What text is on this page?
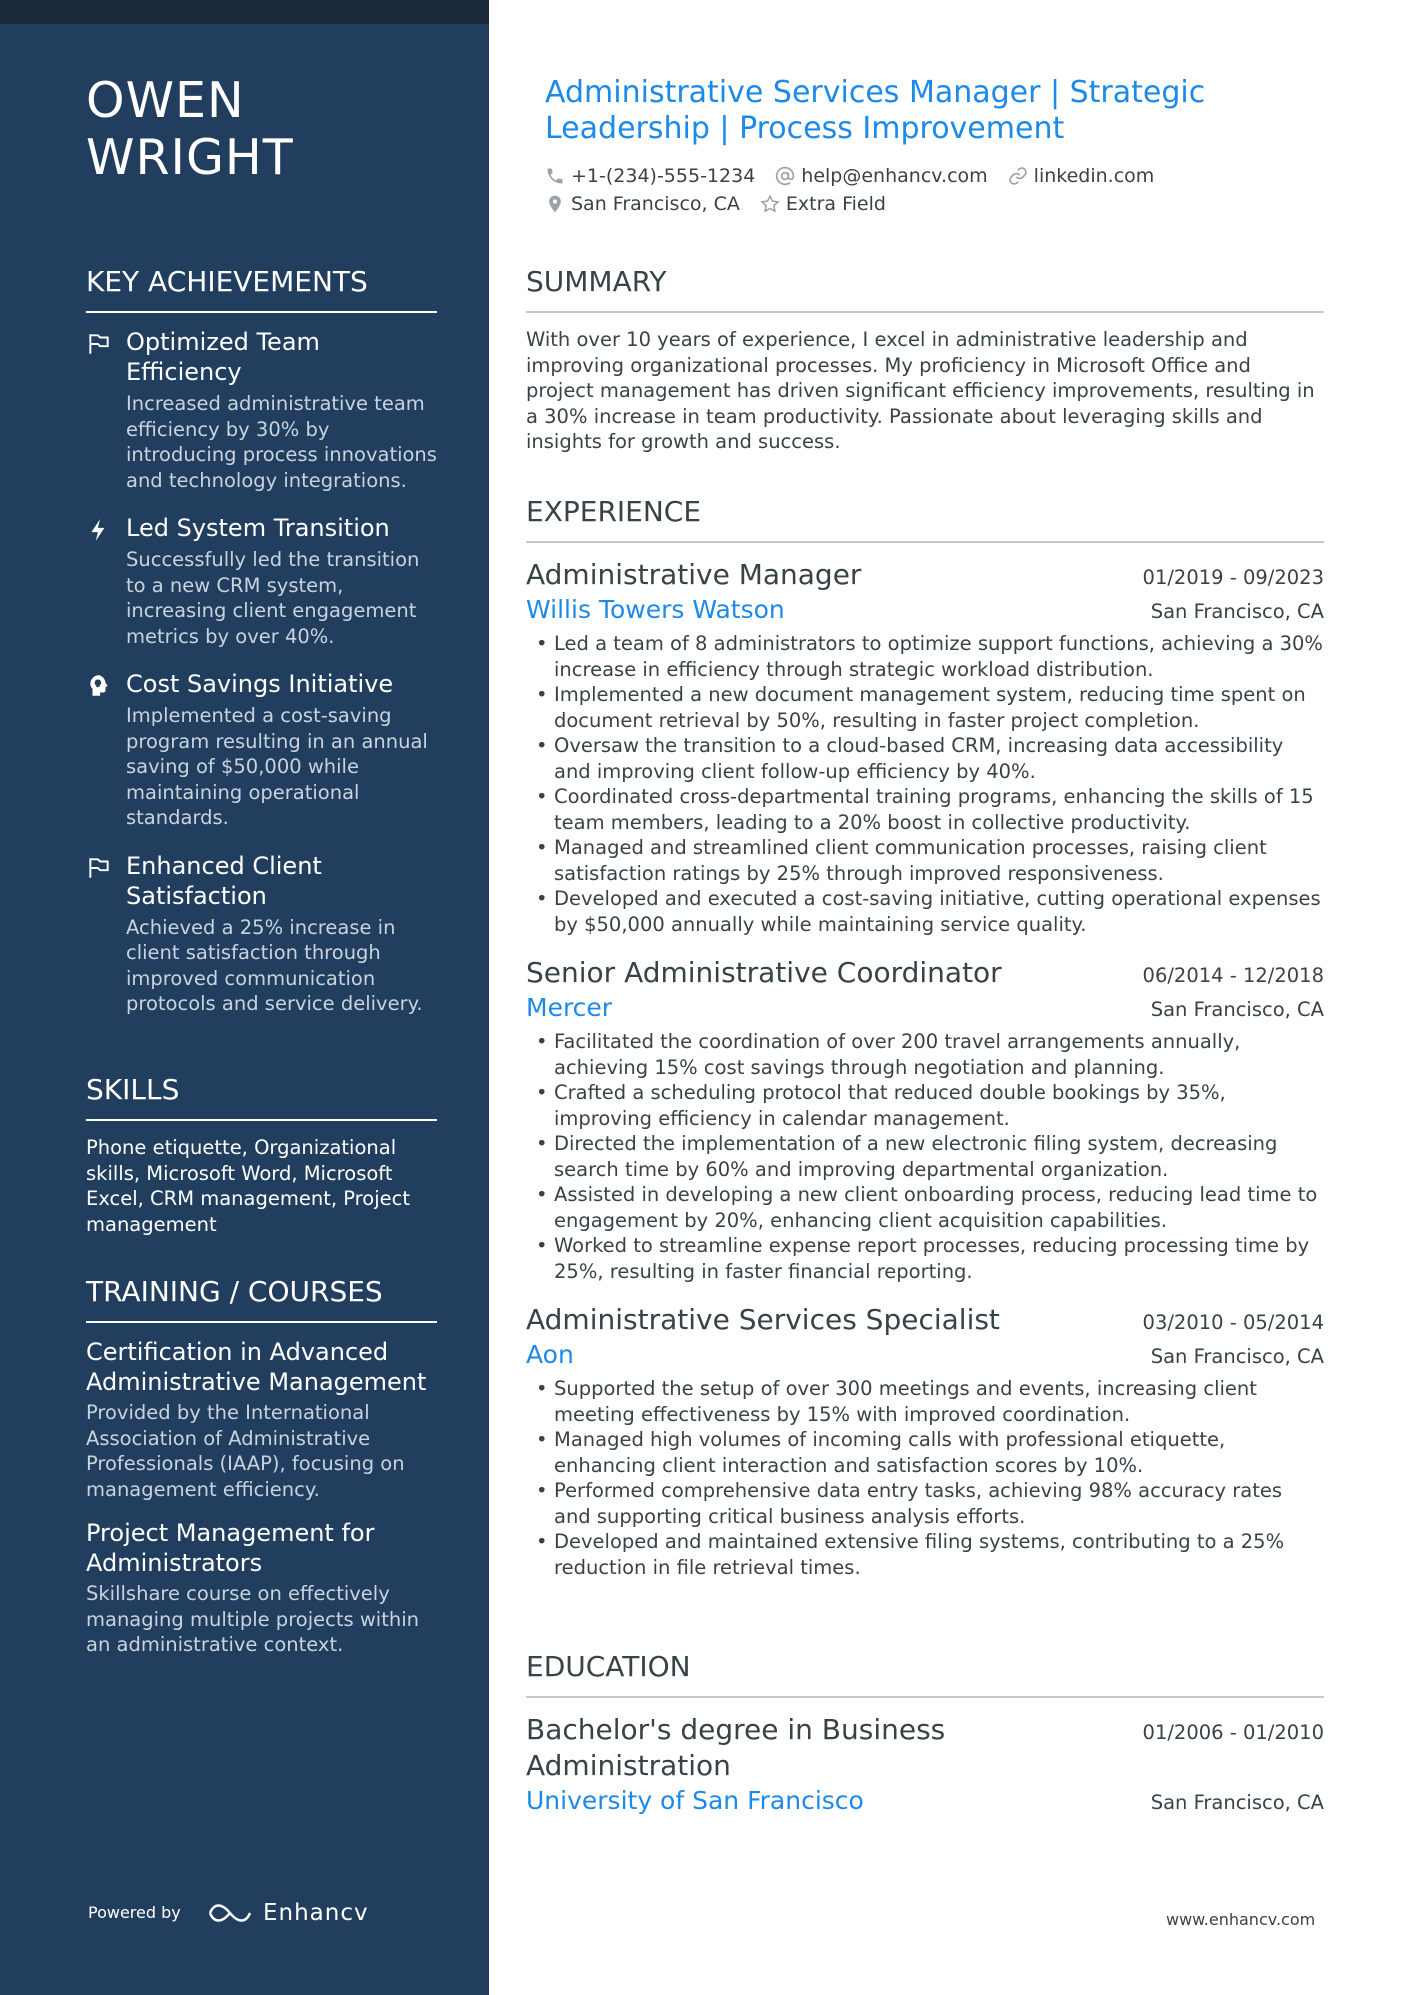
OWEN
WRIGHT
KEY ACHIEVEMENTS
Optimized Team Efficiency
Increased administrative team efficiency by 30% by introducing process innovations and technology integrations.
Led System Transition
Successfully led the transition to a new CRM system, increasing client engagement metrics by over 40%.
Cost Savings Initiative
Implemented a cost-saving program resulting in an annual saving of $50,000 while maintaining operational standards.
Enhanced Client Satisfaction
Achieved a 25% increase in client satisfaction through improved communication protocols and service delivery.
SKILLS
Phone etiquette, Organizational skills, Microsoft Word, Microsoft Excel, CRM management, Project management
TRAINING / COURSES
Certification in Advanced Administrative Management
Provided by the International Association of Administrative Professionals (IAAP), focusing on management efficiency.
Project Management for Administrators
Skillshare course on effectively managing multiple projects within an administrative context.
Powered by	Enhancv
Administrative Services Manager | Strategic Leadership | Process Improvement
+1-(234)-555-1234 help@enhancv.com linkedin.com
San Francisco, CA Extra Field
SUMMARY
With over 10 years of experience, I excel in administrative leadership and improving organizational processes. My proficiency in Microsoft Office and project management has driven significant efficiency improvements, resulting in a 30% increase in team productivity. Passionate about leveraging skills and insights for growth and success.
EXPERIENCE
Administrative Manager	01/2019 - 09/2023
Willis Towers Watson	San Francisco, CA
• Led a team of 8 administrators to optimize support functions, achieving a 30% increase in efficiency through strategic workload distribution.
• Implemented a new document management system, reducing time spent on document retrieval by 50%, resulting in faster project completion.
• Oversaw the transition to a cloud-based CRM, increasing data accessibility and improving client follow-up efficiency by 40%.
• Coordinated cross-departmental training programs, enhancing the skills of 15 team members, leading to a 20% boost in collective productivity.
• Managed and streamlined client communication processes, raising client satisfaction ratings by 25% through improved responsiveness.
• Developed and executed a cost-saving initiative, cutting operational expenses by $50,000 annually while maintaining service quality.
Senior Administrative Coordinator	06/2014 - 12/2018
Mercer	San Francisco, CA
• Facilitated the coordination of over 200 travel arrangements annually, achieving 15% cost savings through negotiation and planning.
• Crafted a scheduling protocol that reduced double bookings by 35%, improving efficiency in calendar management.
• Directed the implementation of a new electronic filing system, decreasing search time by 60% and improving departmental organization.
• Assisted in developing a new client onboarding process, reducing lead time to engagement by 20%, enhancing client acquisition capabilities.
• Worked to streamline expense report processes, reducing processing time by 25%, resulting in faster financial reporting.
Administrative Services Specialist	03/2010 - 05/2014
Aon	San Francisco, CA
• Supported the setup of over 300 meetings and events, increasing client meeting effectiveness by 15% with improved coordination.
• Managed high volumes of incoming calls with professional etiquette, enhancing client interaction and satisfaction scores by 10%.
• Performed comprehensive data entry tasks, achieving 98% accuracy rates and supporting critical business analysis efforts.
• Developed and maintained extensive filing systems, contributing to a 25% reduction in file retrieval times.
EDUCATION
Bachelor's degree in Business Administration
01/2006 - 01/2010
University of San Francisco	San Francisco, CA
www.enhancv.com
